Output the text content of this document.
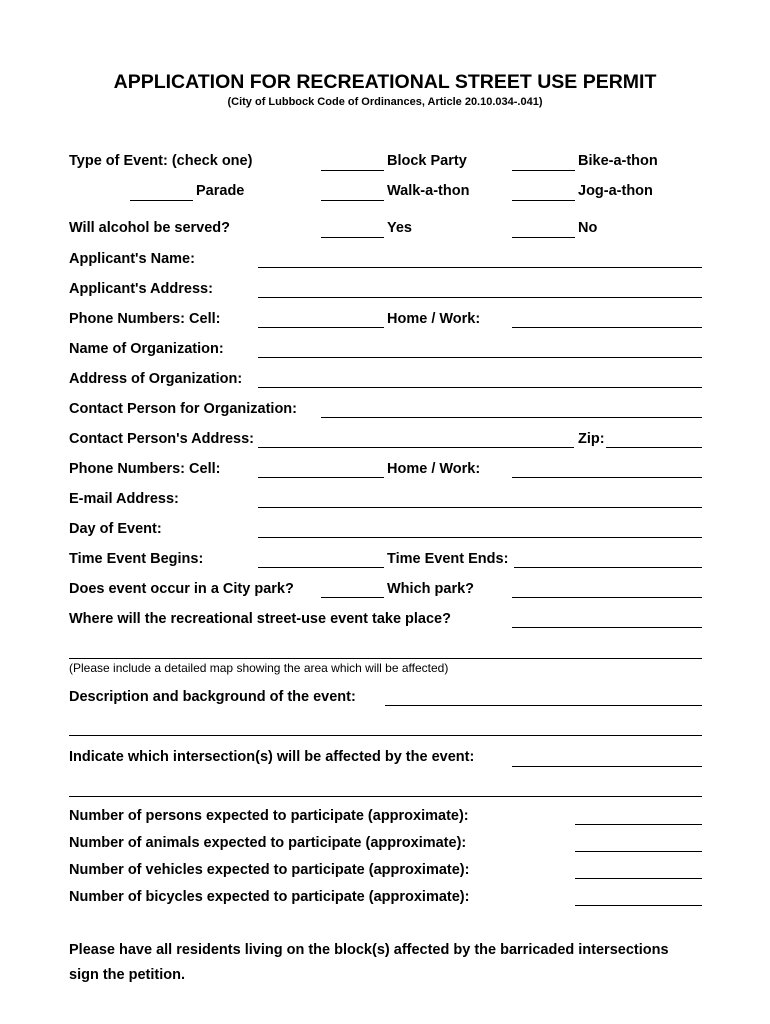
APPLICATION FOR RECREATIONAL STREET USE PERMIT
(City of Lubbock Code of Ordinances, Article 20.10.034-.041)
Type of Event: (check one)	Block Party	Bike-a-thon
Parade	Walk-a-thon	Jog-a-thon
Will alcohol be served?	Yes	No
Applicant's Name:
Applicant's Address:
Phone Numbers: Cell:	Home / Work:
Name of Organization:
Address of Organization:
Contact Person for Organization:
Contact Person's Address:	Zip:
Phone Numbers: Cell:	Home / Work:
E-mail Address:
Day of Event:
Time Event Begins:	Time Event Ends:
Does event occur in a City park?	Which park?
Where will the recreational street-use event take place?
(Please include a detailed map showing the area which will be affected)
Description and background of the event:
Indicate which intersection(s) will be affected by the event:
Number of persons expected to participate (approximate):
Number of animals expected to participate (approximate):
Number of vehicles expected to participate (approximate):
Number of bicycles expected to participate (approximate):
Please have all residents living on the block(s) affected by the barricaded intersections
sign the petition.
